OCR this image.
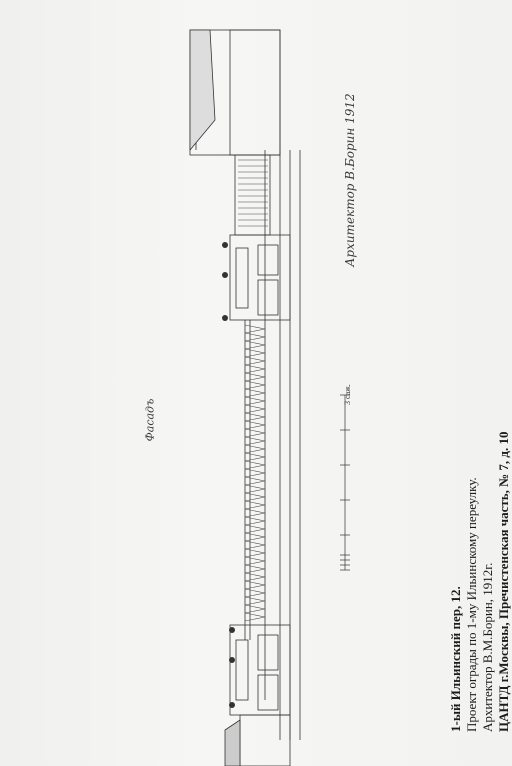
3 саж.
Фасадъ
Архитектор В.Борин 1912
1-ый Ильинский пер, 12. Проект ограды по 1-му Ильинскому переулку. Архитектор В.М.Борин, 1912г. ЦАНТД г.Москвы, Пречистенская часть, № 7, д. 10
